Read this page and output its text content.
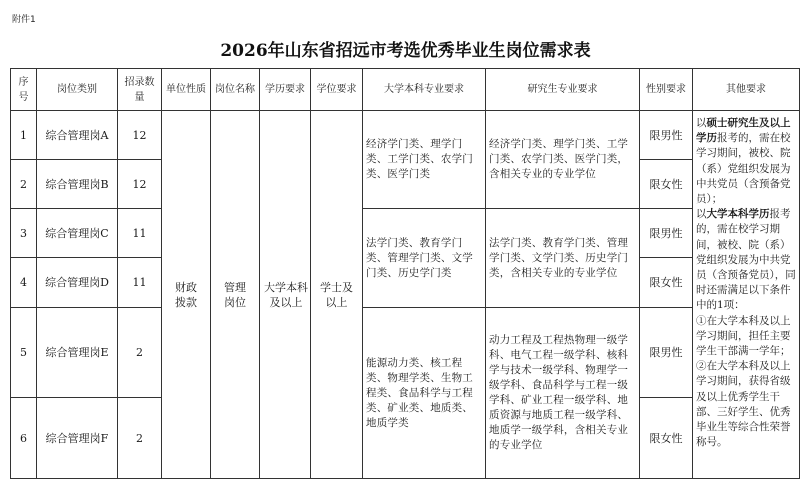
附件1
2026年山东省招远市考选优秀毕业生岗位需求表
序号	岗位类别	招录数量	单位性质	岗位名称	学历要求	学位要求	大学本科专业要求	研究生专业要求	性别要求	其他要求
1	综合管理岗A	12	财政拨款	管理岗位	大学本科及以上	学士及以上	经济学门类、理学门类、工学门类、农学门类、医学门类	经济学门类、理学门类、工学门类、农学门类、医学门类，含相关专业的专业学位	限男性	以硕士研究生及以上学历报考的，需在校学习期间，被校、院（系）党组织发展为中共党员（含预备党员）；
以大学本科学历报考的，需在校学习期间，被校、院（系）党组织发展为中共党员（含预备党员），同时还需满足以下条件中的1项：
①在大学本科及以上学习期间，担任主要学生干部满一学年；
②在大学本科及以上学习期间，获得省级及以上优秀学生干部、三好学生、优秀毕业生等综合性荣誉称号。
2	综合管理岗B	12							限女性	
3	综合管理岗C	11					法学门类、教育学门类、管理学门类、文学门类、历史学门类	法学门类、教育学门类、管理学门类、文学门类、历史学门类，含相关专业的专业学位	限男性	
4	综合管理岗D	11							限女性	
5	综合管理岗E	2					能源动力类、核工程类、物理学类、生物工程类、食品科学与工程类、矿业类、地质类、地质学类	动力工程及工程热物理一级学科、电气工程一级学科、核科学与技术一级学科、物理学一级学科、食品科学与工程一级学科、矿业工程一级学科、地质资源与地质工程一级学科、地质学一级学科，含相关专业的专业学位	限男性	
6	综合管理岗F	2							限女性	
